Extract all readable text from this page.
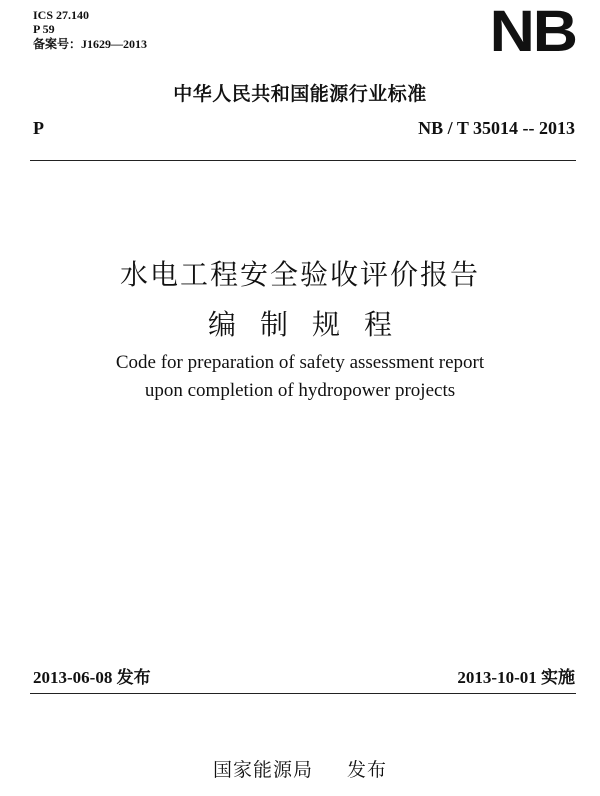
ICS 27.140
P 59
备案号：J1629—2013	NB
中华人民共和国能源行业标准
P	NB / T 35014 -- 2013
水电工程安全验收评价报告
编制规程
Code for preparation of safety assessment report
upon completion of hydropower projects
2013-06-08 发布	2013-10-01 实施
国家能源局 发布
